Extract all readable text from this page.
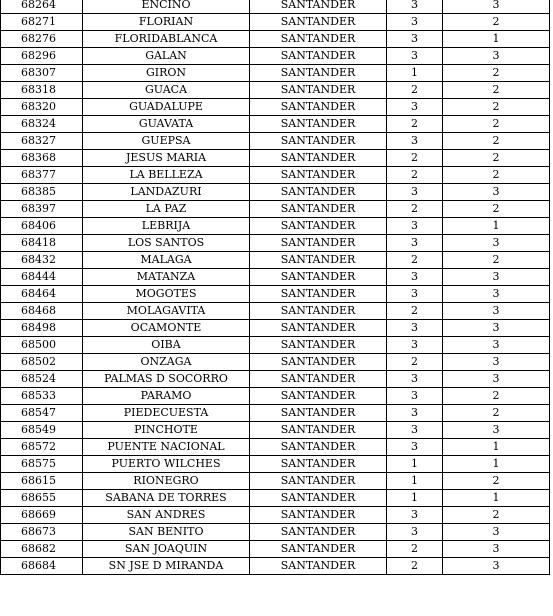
68264	ENCINO	SANTANDER	3	3
68271	FLORIAN	SANTANDER	3	2
68276	FLORIDABLANCA	SANTANDER	3	1
68296	GALAN	SANTANDER	3	3
68307	GIRON	SANTANDER	1	2
68318	GUACA	SANTANDER	2	2
68320	GUADALUPE	SANTANDER	3	2
68324	GUAVATA	SANTANDER	2	2
68327	GUEPSA	SANTANDER	3	2
68368	JESUS MARIA	SANTANDER	2	2
68377	LA BELLEZA	SANTANDER	2	2
68385	LANDAZURI	SANTANDER	3	3
68397	LA PAZ	SANTANDER	2	2
68406	LEBRIJA	SANTANDER	3	1
68418	LOS SANTOS	SANTANDER	3	3
68432	MALAGA	SANTANDER	2	2
68444	MATANZA	SANTANDER	3	3
68464	MOGOTES	SANTANDER	3	3
68468	MOLAGAVITA	SANTANDER	2	3
68498	OCAMONTE	SANTANDER	3	3
68500	OIBA	SANTANDER	3	3
68502	ONZAGA	SANTANDER	2	3
68524	PALMAS D SOCORRO	SANTANDER	3	3
68533	PARAMO	SANTANDER	3	2
68547	PIEDECUESTA	SANTANDER	3	2
68549	PINCHOTE	SANTANDER	3	3
68572	PUENTE NACIONAL	SANTANDER	3	1
68575	PUERTO WILCHES	SANTANDER	1	1
68615	RIONEGRO	SANTANDER	1	2
68655	SABANA DE TORRES	SANTANDER	1	1
68669	SAN ANDRES	SANTANDER	3	2
68673	SAN BENITO	SANTANDER	3	3
68682	SAN JOAQUIN	SANTANDER	2	3
68684	SN JSE D MIRANDA	SANTANDER	2	3
